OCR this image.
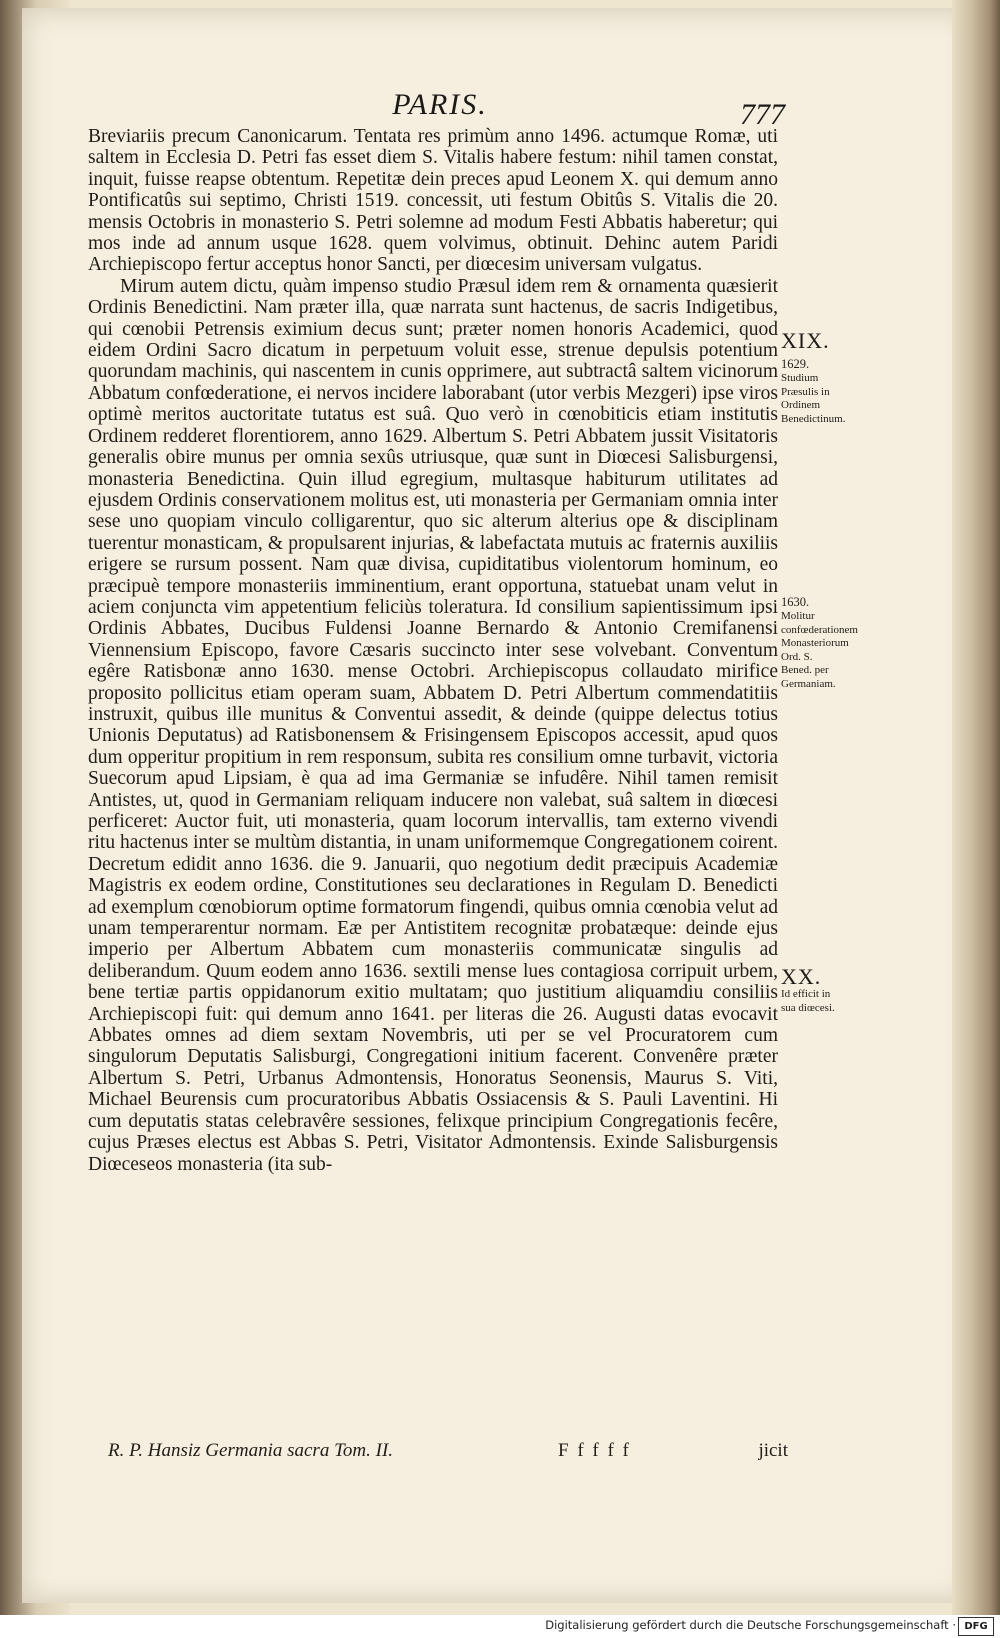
PARIS.	777

Breviariis precum Canonicarum. Tentata res primùm anno 1496. actumque Romæ, uti saltem in Ecclesia D. Petri fas esset diem S. Vitalis habere festum: nihil tamen constat, inquit, fuisse reapse obtentum. Repetitæ dein preces apud Leonem X. qui demum anno Pontificatûs sui septimo, Christi 1519. concessit, uti festum Obitûs S. Vitalis die 20. mensis Octobris in monasterio S. Petri solemne ad modum Festi Abbatis haberetur; qui mos inde ad annum usque 1628. quem volvimus, obtinuit. Dehinc autem Paridi Archiepiscopo fertur acceptus honor Sancti, per diœcesim universam vulgatus.

Mirum autem dictu, quàm impenso studio Præsul idem rem & ornamenta quæsierit Ordinis Benedictini. Nam præter illa, quæ narrata sunt hactenus, de sacris Indigetibus, qui cœnobii Petrensis eximium decus sunt; præter nomen honoris Academici, quod eidem Ordini Sacro dicatum in perpetuum voluit esse, strenue depulsis potentium quorundam machinis, qui nascentem in cunis opprimere, aut subtractâ saltem vicinorum Abbatum confœderatione, ei nervos incidere laborabant (utor verbis Mezgeri) ipse viros optimè meritos auctoritate tutatus est suâ. Quo verò in cœnobiticis etiam institutis Ordinem redderet florentiorem, anno 1629. Albertum S. Petri Abbatem jussit Visitatoris generalis obire munus per omnia sexûs utriusque, quæ sunt in Diœcesi Salisburgensi, monasteria Benedictina. Quin illud egregium, multasque habiturum utilitates ad ejusdem Ordinis conservationem molitus est, uti monasteria per Germaniam omnia inter sese uno quopiam vinculo colligarentur, quo sic alterum alterius ope & disciplinam tuerentur monasticam, & propulsarent injurias, & labefactata mutuis ac fraternis auxiliis erigere se rursum possent. Nam quæ divisa, cupiditatibus violentorum hominum, eo præcipuè tempore monasteriis imminentium, erant opportuna, statuebat unam velut in aciem conjuncta vim appetentium feliciùs toleratura. Id consilium sapientissimum ipsi Ordinis Abbates, Ducibus Fuldensi Joanne Bernardo & Antonio Cremifanensi Viennensium Episcopo, favore Cæsaris succincto inter sese volvebant. Conventum egêre Ratisbonæ anno 1630. mense Octobri. Archiepiscopus collaudato mirifice proposito pollicitus etiam operam suam, Abbatem D. Petri Albertum commendatitiis instruxit, quibus ille munitus & Conventui assedit, & deinde (quippe delectus totius Unionis Deputatus) ad Ratisbonensem & Frisingensem Episcopos accessit, apud quos dum opperitur propitium in rem responsum, subita res consilium omne turbavit, victoria Suecorum apud Lipsiam, è qua ad ima Germaniæ se infudêre. Nihil tamen remisit Antistes, ut, quod in Germaniam reliquam inducere non valebat, suâ saltem in diœcesi perficeret: Auctor fuit, uti monasteria, quam locorum intervallis, tam externo vivendi ritu hactenus inter se multùm distantia, in unam uniformemque Congregationem coirent. Decretum edidit anno 1636. die 9. Januarii, quo negotium dedit præcipuis Academiæ Magistris ex eodem ordine, Constitutiones seu declarationes in Regulam D. Benedicti ad exemplum cœnobiorum optime formatorum fingendi, quibus omnia cœnobia velut ad unam temperarentur normam. Eæ per Antistitem recognitæ probatæque: deinde ejus imperio per Albertum Abbatem cum monasteriis communicatæ singulis ad deliberandum. Quum eodem anno 1636. sextili mense lues contagiosa corripuit urbem, bene tertiæ partis oppidanorum exitio multatam; quo justitium aliquamdiu consiliis Archiepiscopi fuit: qui demum anno 1641. per literas die 26. Augusti datas evocavit Abbates omnes ad diem sextam Novembris, uti per se vel Procuratorem cum singulorum Deputatis Salisburgi, Congregationi initium facerent. Convenêre præter Albertum S. Petri, Urbanus Admontensis, Honoratus Seonensis, Maurus S. Viti, Michael Beurensis cum procuratoribus Abbatis Ossiacensis & S. Pauli Laventini. Hi cum deputatis statas celebravêre sessiones, felixque principium Congregationis fecêre, cujus Præses electus est Abbas S. Petri, Visitator Admontensis. Exinde Salisburgensis Diœceseos monasteria (ita sub-

XIX.
1629.
Studium Præsulis in Ordinem Benedictinum.
1630.
Molitur confœderationem Monasteriorum Ord. S. Bened. per Germaniam.
XX.
Id efficit in sua diœcesi.
R. P. Hansiz Germania sacra Tom. II.	F f f f f	jicit
Digitalisierung gefördert durch die Deutsche Forschungsgemeinschaft · DFG
